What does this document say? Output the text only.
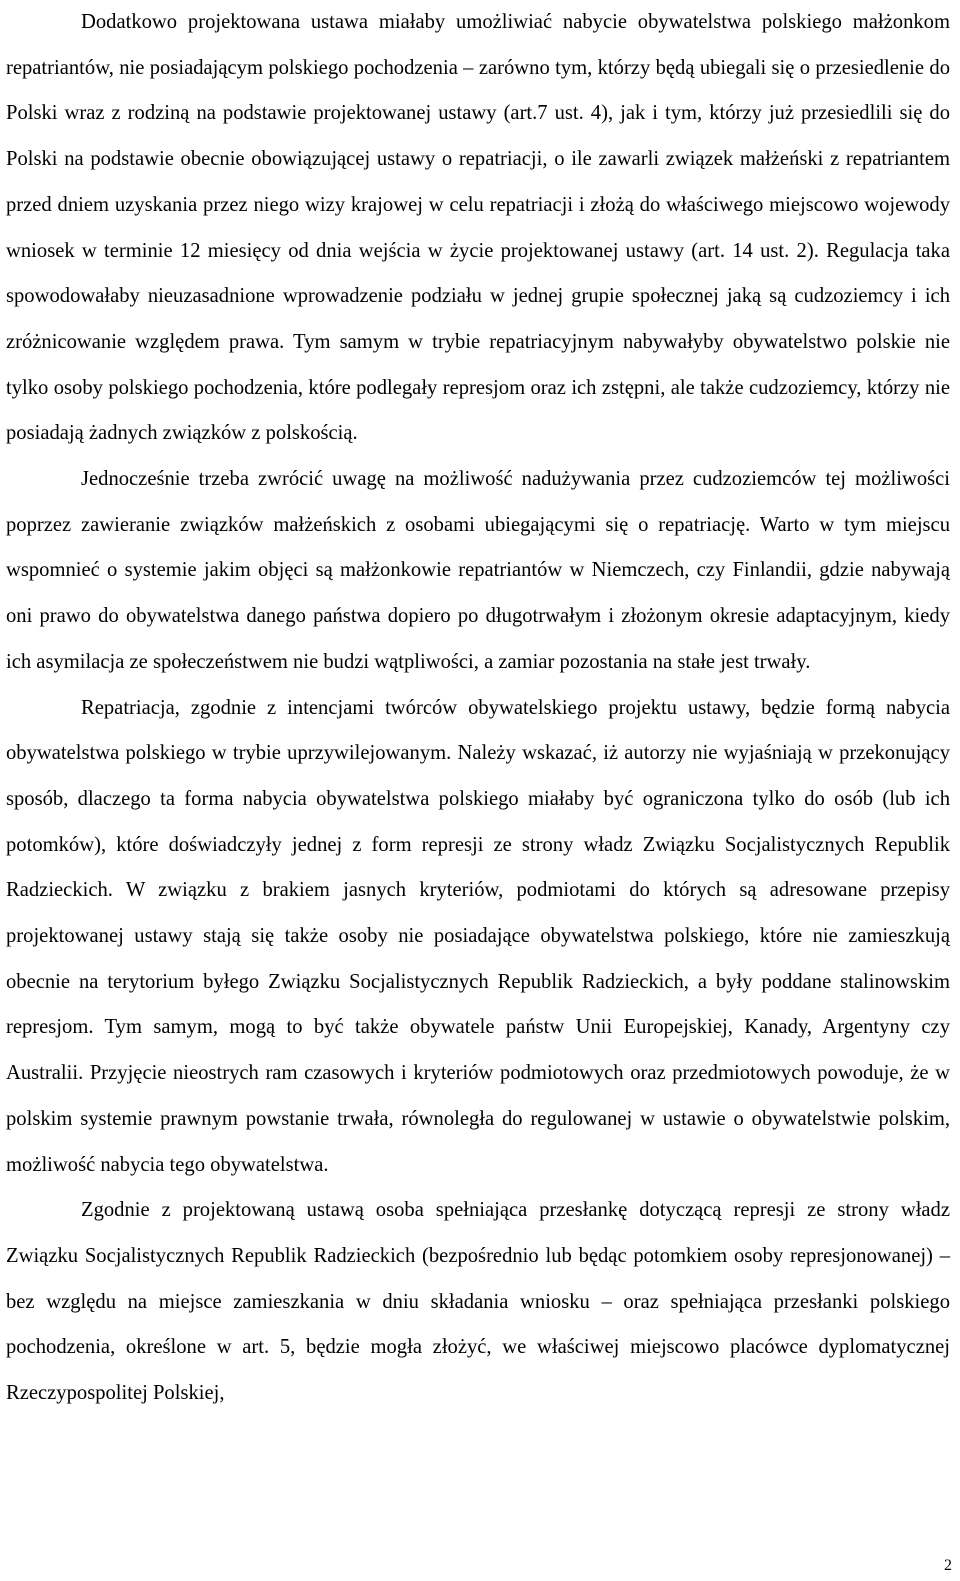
Dodatkowo projektowana ustawa miałaby umożliwiać nabycie obywatelstwa polskiego małżonkom repatriantów, nie posiadającym polskiego pochodzenia – zarówno tym, którzy będą ubiegali się o przesiedlenie do Polski wraz z rodziną na podstawie projektowanej ustawy (art.7 ust. 4), jak i tym, którzy już przesiedlili się do Polski na podstawie obecnie obowiązującej ustawy o repatriacji, o ile zawarli związek małżeński z repatriantem przed dniem uzyskania przez niego wizy krajowej w celu repatriacji i złożą do właściwego miejscowo wojewody wniosek w terminie 12 miesięcy od dnia wejścia w życie projektowanej ustawy (art. 14 ust. 2). Regulacja taka spowodowałaby nieuzasadnione wprowadzenie podziału w jednej grupie społecznej jaką są cudzoziemcy i ich zróżnicowanie względem prawa. Tym samym w trybie repatriacyjnym nabywałyby obywatelstwo polskie nie tylko osoby polskiego pochodzenia, które podlegały represjom oraz ich zstępni, ale także cudzoziemcy, którzy nie posiadają żadnych związków z polskością.

Jednocześnie trzeba zwrócić uwagę na możliwość nadużywania przez cudzoziemców tej możliwości poprzez zawieranie związków małżeńskich z osobami ubiegającymi się o repatriację. Warto w tym miejscu wspomnieć o systemie jakim objęci są małżonkowie repatriantów w Niemczech, czy Finlandii, gdzie nabywają oni prawo do obywatelstwa danego państwa dopiero po długotrwałym i złożonym okresie adaptacyjnym, kiedy ich asymilacja ze społeczeństwem nie budzi wątpliwości, a zamiar pozostania na stałe jest trwały.

Repatriacja, zgodnie z intencjami twórców obywatelskiego projektu ustawy, będzie formą nabycia obywatelstwa polskiego w trybie uprzywilejowanym. Należy wskazać, iż autorzy nie wyjaśniają w przekonujący sposób, dlaczego ta forma nabycia obywatelstwa polskiego miałaby być ograniczona tylko do osób (lub ich potomków), które doświadczyły jednej z form represji ze strony władz Związku Socjalistycznych Republik Radzieckich. W związku z brakiem jasnych kryteriów, podmiotami do których są adresowane przepisy projektowanej ustawy stają się także osoby nie posiadające obywatelstwa polskiego, które nie zamieszkują obecnie na terytorium byłego Związku Socjalistycznych Republik Radzieckich, a były poddane stalinowskim represjom. Tym samym, mogą to być także obywatele państw Unii Europejskiej, Kanady, Argentyny czy Australii. Przyjęcie nieostrych ram czasowych i kryteriów podmiotowych oraz przedmiotowych powoduje, że w polskim systemie prawnym powstanie trwała, równoległa do regulowanej w ustawie o obywatelstwie polskim, możliwość nabycia tego obywatelstwa.

Zgodnie z projektowaną ustawą osoba spełniająca przesłankę dotyczącą represji ze strony władz Związku Socjalistycznych Republik Radzieckich (bezpośrednio lub będąc potomkiem osoby represjonowanej) – bez względu na miejsce zamieszkania w dniu składania wniosku – oraz spełniająca przesłanki polskiego pochodzenia, określone w art. 5, będzie mogła złożyć, we właściwej miejscowo placówce dyplomatycznej Rzeczypospolitej Polskiej,

2
